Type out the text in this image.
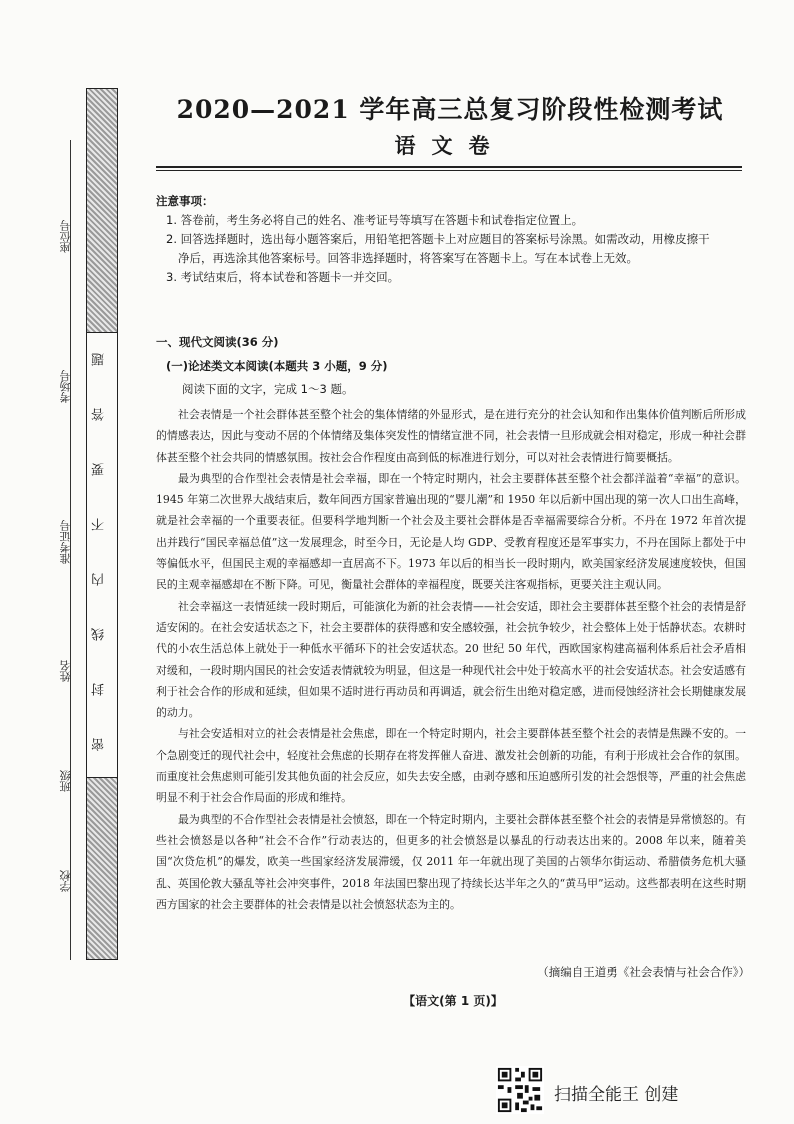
座位号
考场号
准考证号
姓名
班级
学校
密
封
线
内
不
要
答
题
2020—2021 学年高三总复习阶段性检测考试
语文卷
注意事项：
1. 答卷前，考生务必将自己的姓名、准考证号等填写在答题卡和试卷指定位置上。
2. 回答选择题时，选出每小题答案后，用铅笔把答题卡上对应题目的答案标号涂黑。如需改动，用橡皮擦干净后，再选涂其他答案标号。回答非选择题时，将答案写在答题卡上。写在本试卷上无效。
3. 考试结束后，将本试卷和答题卡一并交回。
一、现代文阅读(36 分)
(一)论述类文本阅读(本题共 3 小题，9 分)
阅读下面的文字，完成 1～3 题。

社会表情是一个社会群体甚至整个社会的集体情绪的外显形式，是在进行充分的社会认知和作出集体价值判断后所形成的情感表达，因此与变动不居的个体情绪及集体突发性的情绪宣泄不同，社会表情一旦形成就会相对稳定，形成一种社会群体甚至整个社会共同的情感氛围。按社会合作程度由高到低的标准进行划分，可以对社会表情进行简要概括。

最为典型的合作型社会表情是社会幸福，即在一个特定时期内，社会主要群体甚至整个社会都洋溢着“幸福”的意识。1945 年第二次世界大战结束后，数年间西方国家普遍出现的“婴儿潮”和 1950 年以后新中国出现的第一次人口出生高峰，就是社会幸福的一个重要表征。但要科学地判断一个社会及主要社会群体是否幸福需要综合分析。不丹在 1972 年首次提出并践行“国民幸福总值”这一发展理念，时至今日，无论是人均 GDP、受教育程度还是军事实力，不丹在国际上都处于中等偏低水平，但国民主观的幸福感却一直居高不下。1973 年以后的相当长一段时期内，欧美国家经济发展速度较快，但国民的主观幸福感却在不断下降。可见，衡量社会群体的幸福程度，既要关注客观指标，更要关注主观认同。

社会幸福这一表情延续一段时期后，可能演化为新的社会表情——社会安适，即社会主要群体甚至整个社会的表情是舒适安闲的。在社会安适状态之下，社会主要群体的获得感和安全感较强，社会抗争较少，社会整体上处于恬静状态。农耕时代的小农生活总体上就处于一种低水平循环下的社会安适状态。20 世纪 50 年代，西欧国家构建高福利体系后社会矛盾相对缓和，一段时期内国民的社会安适表情就较为明显，但这是一种现代社会中处于较高水平的社会安适状态。社会安适感有利于社会合作的形成和延续，但如果不适时进行再动员和再调适，就会衍生出绝对稳定感，进而侵蚀经济社会长期健康发展的动力。

与社会安适相对立的社会表情是社会焦虑，即在一个特定时期内，社会主要群体甚至整个社会的表情是焦躁不安的。一个急剧变迁的现代社会中，轻度社会焦虑的长期存在将发挥催人奋进、激发社会创新的功能，有利于形成社会合作的氛围。而重度社会焦虑则可能引发其他负面的社会反应，如失去安全感，由剥夺感和压迫感所引发的社会怨恨等，严重的社会焦虑明显不利于社会合作局面的形成和维持。

最为典型的不合作型社会表情是社会愤怒，即在一个特定时期内，主要社会群体甚至整个社会的表情是异常愤怒的。有些社会愤怒是以各种“社会不合作”行动表达的，但更多的社会愤怒是以暴乱的行动表达出来的。2008 年以来，随着美国“次贷危机”的爆发，欧美一些国家经济发展滞缓，仅 2011 年一年就出现了美国的占领华尔街运动、希腊债务危机大骚乱、英国伦敦大骚乱等社会冲突事件，2018 年法国巴黎出现了持续长达半年之久的“黄马甲”运动。这些都表明在这些时期西方国家的社会主要群体的社会表情是以社会愤怒状态为主的。

（摘编自王道勇《社会表情与社会合作》）
【语文(第 1 页)】
扫描全能王 创建
